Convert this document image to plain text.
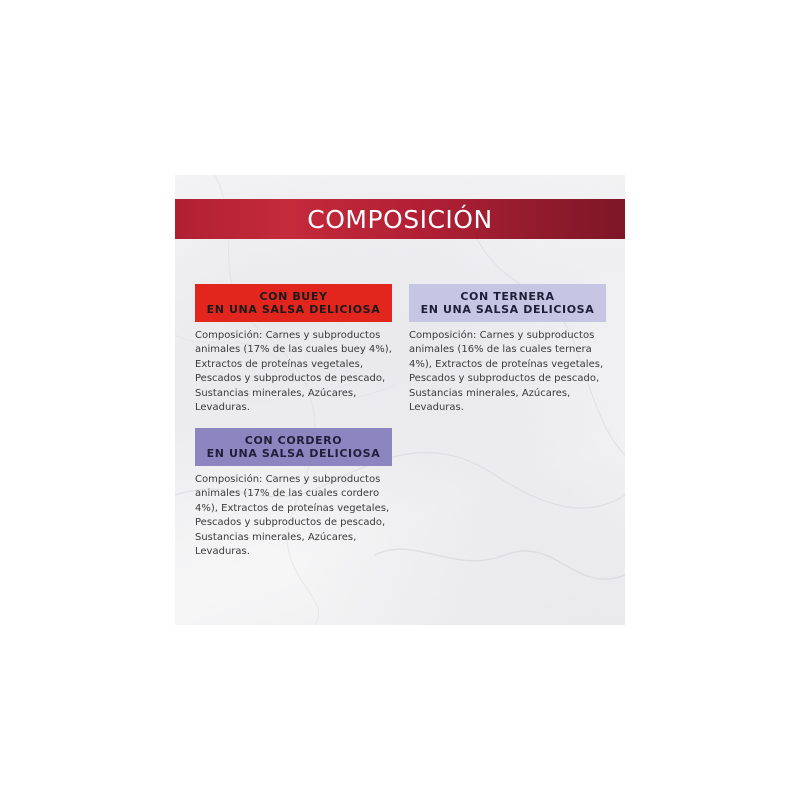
COMPOSICIÓN
CON BUEY
EN UNA SALSA DELICIOSA
Composición: Carnes y subproductos
animales (17% de las cuales buey 4%),
Extractos de proteínas vegetales,
Pescados y subproductos de pescado,
Sustancias minerales, Azúcares,
Levaduras.
CON TERNERA
EN UNA SALSA DELICIOSA
Composición: Carnes y subproductos
animales (16% de las cuales ternera
4%), Extractos de proteínas vegetales,
Pescados y subproductos de pescado,
Sustancias minerales, Azúcares,
Levaduras.
CON CORDERO
EN UNA SALSA DELICIOSA
Composición: Carnes y subproductos
animales (17% de las cuales cordero
4%), Extractos de proteínas vegetales,
Pescados y subproductos de pescado,
Sustancias minerales, Azúcares,
Levaduras.
